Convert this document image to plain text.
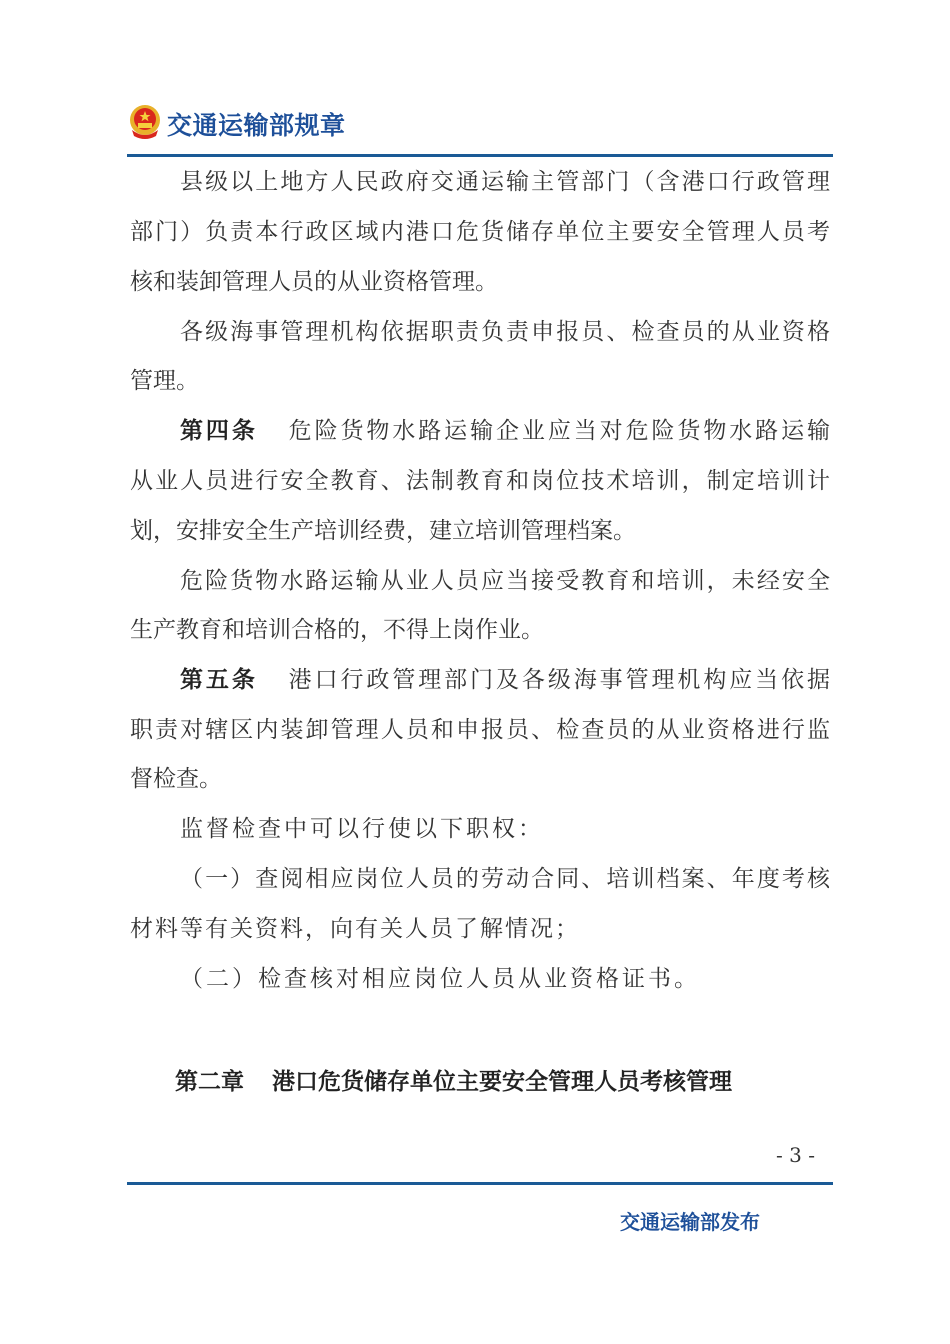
交通运输部规章
县级以上地方人民政府交通运输主管部门（含港口行政管理
部门）负责本行政区域内港口危货储存单位主要安全管理人员考
核和装卸管理人员的从业资格管理。
各级海事管理机构依据职责负责申报员、检查员的从业资格
管理。
第四条 危险货物水路运输企业应当对危险货物水路运输
从业人员进行安全教育、法制教育和岗位技术培训，制定培训计
划，安排安全生产培训经费，建立培训管理档案。
危险货物水路运输从业人员应当接受教育和培训，未经安全
生产教育和培训合格的，不得上岗作业。
第五条 港口行政管理部门及各级海事管理机构应当依据
职责对辖区内装卸管理人员和申报员、检查员的从业资格进行监
督检查。
监督检查中可以行使以下职权：
（一）查阅相应岗位人员的劳动合同、培训档案、年度考核
材料等有关资料，向有关人员了解情况；
（二）检查核对相应岗位人员从业资格证书。
第二章 港口危货储存单位主要安全管理人员考核管理
- 3 -
交通运输部发布
